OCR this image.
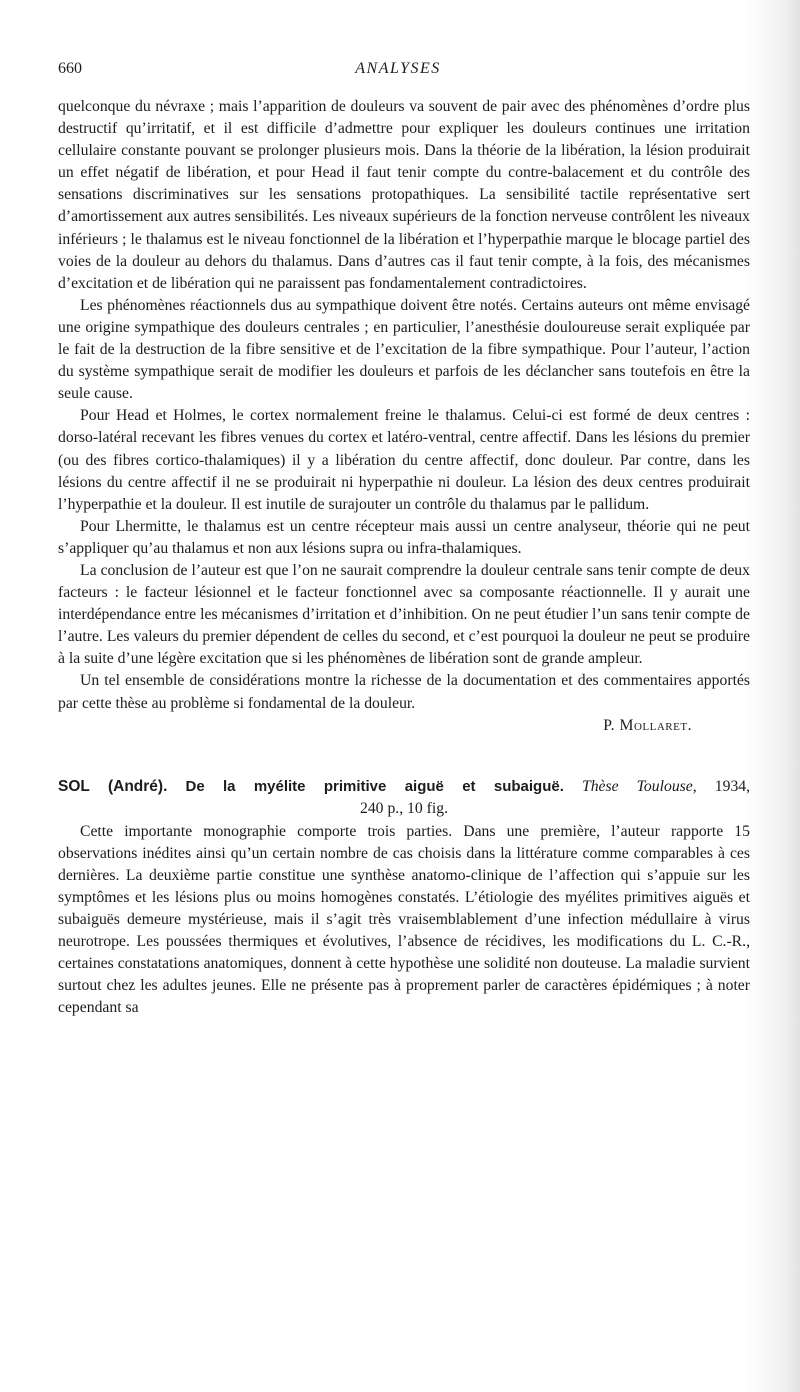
660	ANALYSES

quelconque du névraxe ; mais l’apparition de douleurs va souvent de pair avec des phénomènes d’ordre plus destructif qu’irritatif, et il est difficile d’admettre pour expliquer les douleurs continues une irritation cellulaire constante pouvant se prolonger plusieurs mois. Dans la théorie de la libération, la lésion produirait un effet négatif de libération, et pour Head il faut tenir compte du contre-balacement et du contrôle des sensations discriminatives sur les sensations protopathiques. La sensibilité tactile représentative sert d’amortissement aux autres sensibilités. Les niveaux supérieurs de la fonction nerveuse contrôlent les niveaux inférieurs ; le thalamus est le niveau fonctionnel de la libération et l’hyperpathie marque le blocage partiel des voies de la douleur au dehors du thalamus. Dans d’autres cas il faut tenir compte, à la fois, des mécanismes d’excitation et de libération qui ne paraissent pas fondamentalement contradictoires.

Les phénomènes réactionnels dus au sympathique doivent être notés. Certains auteurs ont même envisagé une origine sympathique des douleurs centrales ; en particulier, l’anesthésie douloureuse serait expliquée par le fait de la destruction de la fibre sensitive et de l’excitation de la fibre sympathique. Pour l’auteur, l’action du système sympathique serait de modifier les douleurs et parfois de les déclancher sans toutefois en être la seule cause.

Pour Head et Holmes, le cortex normalement freine le thalamus. Celui-ci est formé de deux centres : dorso-latéral recevant les fibres venues du cortex et latéro-ventral, centre affectif. Dans les lésions du premier (ou des fibres cortico-thalamiques) il y a libération du centre affectif, donc douleur. Par contre, dans les lésions du centre affectif il ne se produirait ni hyperpathie ni douleur. La lésion des deux centres produirait l’hyperpathie et la douleur. Il est inutile de surajouter un contrôle du thalamus par le pallidum.

Pour Lhermitte, le thalamus est un centre récepteur mais aussi un centre analyseur, théorie qui ne peut s’appliquer qu’au thalamus et non aux lésions supra ou infra-thalamiques.

La conclusion de l’auteur est que l’on ne saurait comprendre la douleur centrale sans tenir compte de deux facteurs : le facteur lésionnel et le facteur fonctionnel avec sa composante réactionnelle. Il y aurait une interdépendance entre les mécanismes d’irritation et d’inhibition. On ne peut étudier l’un sans tenir compte de l’autre. Les valeurs du premier dépendent de celles du second, et c’est pourquoi la douleur ne peut se produire à la suite d’une légère excitation que si les phénomènes de libération sont de grande ampleur.

Un tel ensemble de considérations montre la richesse de la documentation et des commentaires apportés par cette thèse au problème si fondamental de la douleur.

P. Mollaret.

SOL (André). De la myélite primitive aiguë et subaiguë. Thèse Toulouse, 1934,
240 p., 10 fig.

Cette importante monographie comporte trois parties. Dans une première, l’auteur rapporte 15 observations inédites ainsi qu’un certain nombre de cas choisis dans la littérature comme comparables à ces dernières. La deuxième partie constitue une synthèse anatomo-clinique de l’affection qui s’appuie sur les symptômes et les lésions plus ou moins homogènes constatés. L’étiologie des myélites primitives aiguës et subaiguës demeure mystérieuse, mais il s’agit très vraisemblablement d’une infection médullaire à virus neurotrope. Les poussées thermiques et évolutives, l’absence de récidives, les modifications du L. C.-R., certaines constatations anatomiques, donnent à cette hypothèse une solidité non douteuse. La maladie survient surtout chez les adultes jeunes. Elle ne présente pas à proprement parler de caractères épidémiques ; à noter cependant sa
